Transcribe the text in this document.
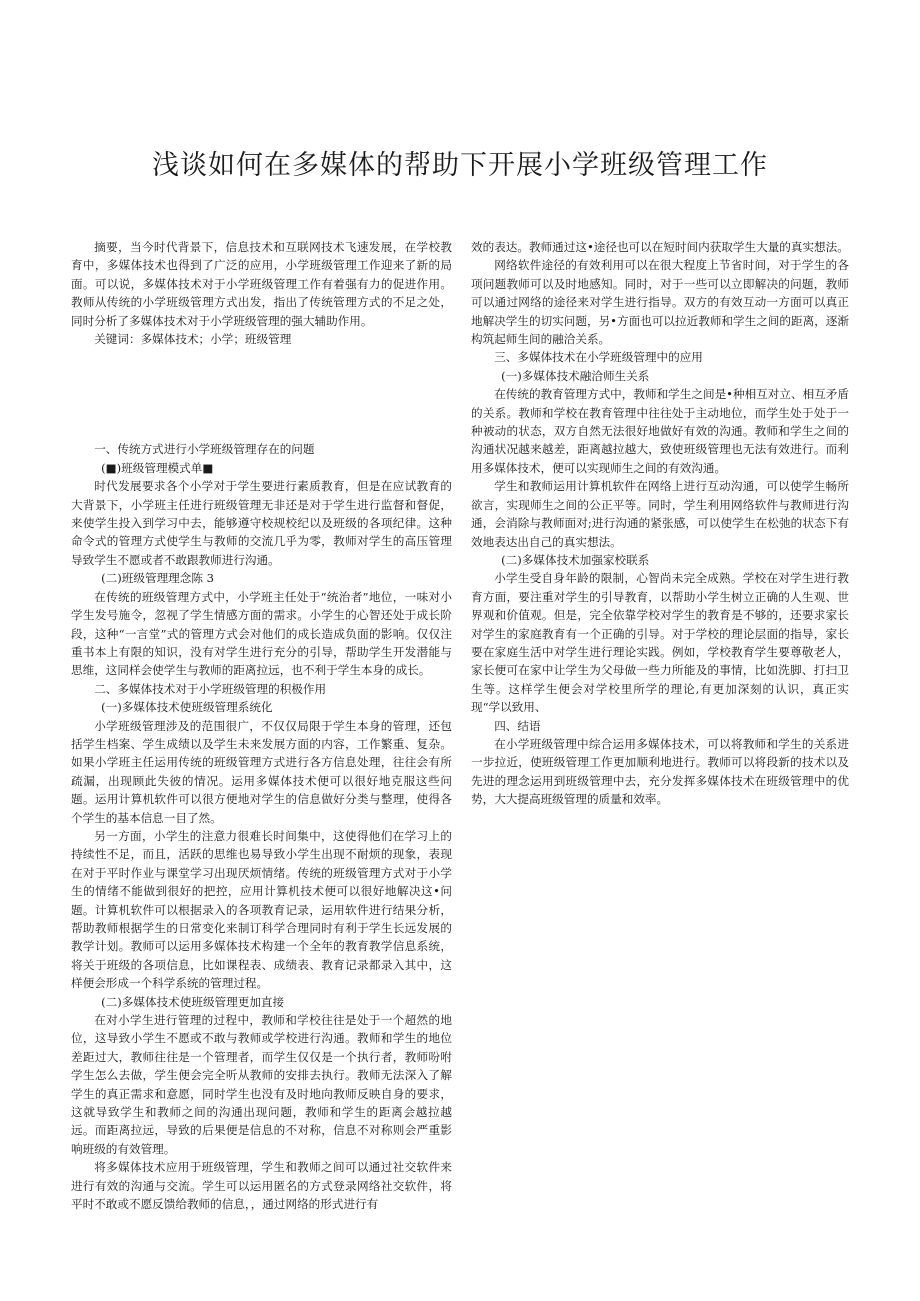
浅谈如何在多媒体的帮助下开展小学班级管理工作

摘要，当今时代背景下，信息技术和互联网技术飞速发展，在学校教育中，多媒体技术也得到了广泛的应用，小学班级管理工作迎来了新的局面。可以说，多媒体技术对于小学班级管理工作有着强有力的促进作用。教师从传统的小学班级管理方式出发，指出了传统管理方式的不足之处，同时分析了多媒体技术对于小学班级管理的强大辅助作用。

关键词：多媒体技术；小学；班级管理

一、传统方式进行小学班级管理存在的问题

(■)班级管理模式单■

时代发展要求各个小学对于学生要进行素质教育，但是在应试教育的大背景下，小学班主任进行班级管理无非还是对于学生进行监督和督促，来使学生投入到学习中去，能够遵守校规校纪以及班级的各项纪律。这种命令式的管理方式使学生与教师的交流几乎为零，教师对学生的高压管理导致学生不愿或者不敢跟教师进行沟通。

(二)班级管理理念陈 3

在传统的班级管理方式中，小学班主任处于“统治者”地位，一味对小学生发号施令，忽视了学生情感方面的需求。小学生的心智还处于成长阶段，这种“一言堂”式的管理方式会对他们的成长造成负面的影响。仅仅注重书本上有限的知识，没有对学生进行充分的引导，帮助学生开发潜能与思维，这同样会使学生与教师的距离拉远，也不利于学生本身的成长。

二、多媒体技术对于小学班级管理的积极作用

(一)多媒体技术使班级管理系统化

小学班级管理涉及的范围很广，不仅仅局限于学生本身的管理，还包括学生档案、学生成绩以及学生未来发展方面的内容，工作繁重、复杂。如果小学班主任运用传统的班级管理方式进行各方信息处理，往往会有所疏漏，出现顾此失彼的情况。运用多媒体技术便可以很好地克服这些问题。运用计算机软件可以很方便地对学生的信息做好分类与整理，使得各个学生的基本信息一目了然。

另一方面，小学生的注意力很难长时间集中，这使得他们在学习上的持续性不足，而且，活跃的思维也易导致小学生出现不耐烦的现象，表现在对于平时作业与课堂学习出现厌烦情绪。传统的班级管理方式对于小学生的情绪不能做到很好的把控，应用计算机技术便可以很好地解决这•问题。计算机软件可以根据录入的各项教育记录，运用软件进行结果分析，帮助教师根据学生的日常变化来制订科学合理同时有利于学生长远发展的教学计划。教师可以运用多媒体技术构建一个全年的教育教学信息系统，将关于班级的各项信息，比如课程表、成绩表、教育记录都录入其中，这样便会形成一个科学系统的管理过程。

(二)多媒体技术使班级管理更加直接

在对小学生进行管理的过程中，教师和学校往往是处于一个超然的地位，这导致小学生不愿或不敢与教师或学校进行沟通。教师和学生的地位差距过大，教师往往是一个管理者，而学生仅仅是一个执行者，教师吩咐学生怎么去做，学生便会完全听从教师的安排去执行。教师无法深入了解学生的真正需求和意愿，同时学生也没有及时地向教师反映自身的要求，这就导致学生和教师之间的沟通出现问题，教师和学生的距离会越拉越远。而距离拉远，导致的后果便是信息的不对称，信息不对称则会严重影响班级的有效管理。

将多媒体技术应用于班级管理，学生和教师之间可以通过社交软件来进行有效的沟通与交流。学生可以运用匿名的方式登录网络社交软件，将平时不敢或不愿反馈给教师的信息，，通过网络的形式进行有

效的表达。教师通过这•途径也可以在短时间内获取学生大量的真实想法。

网络软件途径的有效利用可以在很大程度上节省时间，对于学生的各项问题教师可以及时地感知。同时，对于一些可以立即解决的问题，教师可以通过网络的途径来对学生进行指导。双方的有效互动一方面可以真正地解决学生的切实问题，另•方面也可以拉近教师和学生之间的距离，逐渐构筑起师生间的融洽关系。

三、多媒体技术在小学班级管理中的应用

(一)多媒体技术融洽师生关系

在传统的教育管理方式中，教师和学生之间是•种相互对立、相互矛盾的关系。教师和学校在教育管理中往往处于主动地位，而学生处于处于一种被动的状态，双方自然无法很好地做好有效的沟通。教师和学生之间的沟通状况越来越差，距离越拉越大，致使班级管理也无法有效进行。而利用多媒体技术，便可以实现师生之间的有效沟通。

学生和教师运用计算机软件在网络上进行互动沟通，可以使学生畅所欲言，实现师生之间的公正平等。同时，学生利用网络软件与教师进行沟通，会消除与教师面对;进行沟通的紧张感，可以使学生在松弛的状态下有效地表达出自己的真实想法。

(二)多媒体技术加强家校联系

小学生受自身年龄的限制，心智尚未完全成熟。学校在对学生进行教育方面，要注重对学生的引导教育，以帮助小学生树立正确的人生观、世界观和价值观。但是，完全依靠学校对学生的教育是不够的，还要求家长对学生的家庭教育有一个正确的引导。对于学校的理论层面的指导，家长要在家庭生活中对学生进行理论实践。例如，学校教育学生要尊敬老人，家长便可在家中让学生为父母做一些力所能及的事情，比如洗脚、打扫卫生等。这样学生便会对学校里所学的理论,有更加深刻的认识，真正实现“学以致用、

四、结语

在小学班级管理中综合运用多媒体技术，可以将教师和学生的关系进一步拉近，使班级管理工作更加顺利地进行。教师可以将段新的技术以及先进的理念运用到班级管理中去，充分发挥多媒体技术在班级管理中的优势，大大提高班级管理的质量和效率。
